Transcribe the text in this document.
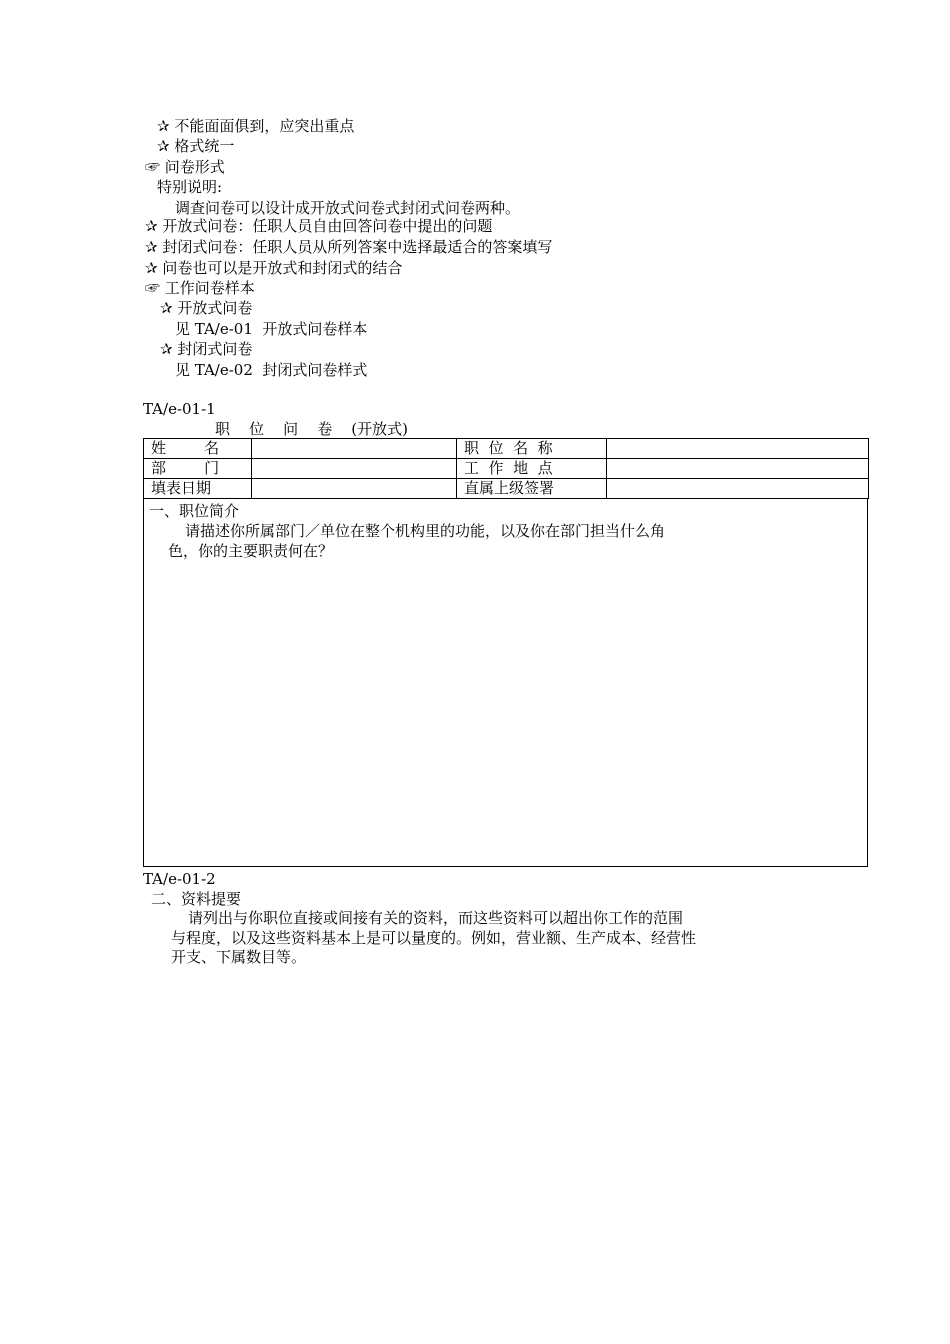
✰ 不能面面俱到，应突出重点
✰ 格式统一
☞ 问卷形式
特别说明:
调查问卷可以设计成开放式问卷式封闭式问卷两种。
✰ 开放式问卷：任职人员自由回答问卷中提出的问题
✰ 封闭式问卷：任职人员从所列答案中选择最适合的答案填写
✰ 问卷也可以是开放式和封闭式的结合
☞ 工作问卷样本
✰ 开放式问卷
见 TA/e-01  开放式问卷样本
✰ 封闭式问卷
见 TA/e-02  封闭式问卷样式
TA/e-01-1
职    位    问    卷    (开放式)
姓        名		职  位  名  称	
部        门		工  作  地  点	
填表日期		直属上级签署	
一、职位简介
请描述你所属部门／单位在整个机构里的功能，以及你在部门担当什么角
色，你的主要职责何在？
TA/e-01-2
二、资料提要
请列出与你职位直接或间接有关的资料，而这些资料可以超出你工作的范围
与程度，以及这些资料基本上是可以量度的。例如，营业额、生产成本、经营性
开支、下属数目等。
